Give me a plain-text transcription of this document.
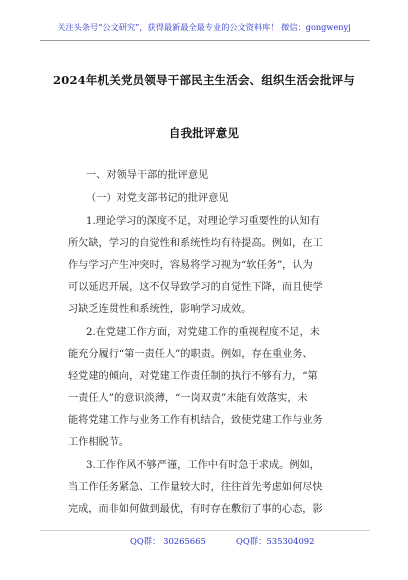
关注头条号“公文研究”，获得最新最全最专业的公文资料库！ 微信：gongwenyj
2024年机关党员领导干部民主生活会、组织生活会批评与
自我批评意见
一、对领导干部的批评意见
（一）对党支部书记的批评意见
1.理论学习的深度不足，对理论学习重要性的认知有
所欠缺，学习的自觉性和系统性均有待提高。例如，在工
作与学习产生冲突时，容易将学习视为“软任务”，认为
可以延迟开展，这不仅导致学习的自觉性下降，而且使学
习缺乏连贯性和系统性，影响学习成效。
2.在党建工作方面，对党建工作的重视程度不足，未
能充分履行“第一责任人”的职责。例如，存在重业务、
轻党建的倾向，对党建工作责任制的执行不够有力，“第
一责任人”的意识淡薄，“一岗双责”未能有效落实，未
能将党建工作与业务工作有机结合，致使党建工作与业务
工作相脱节。
3.工作作风不够严谨，工作中有时急于求成。例如，
当工作任务紧急、工作量较大时，往往首先考虑如何尽快
完成，而非如何做到最优，有时存在敷衍了事的心态，影
QQ群： 30265665	QQ群：535304092
